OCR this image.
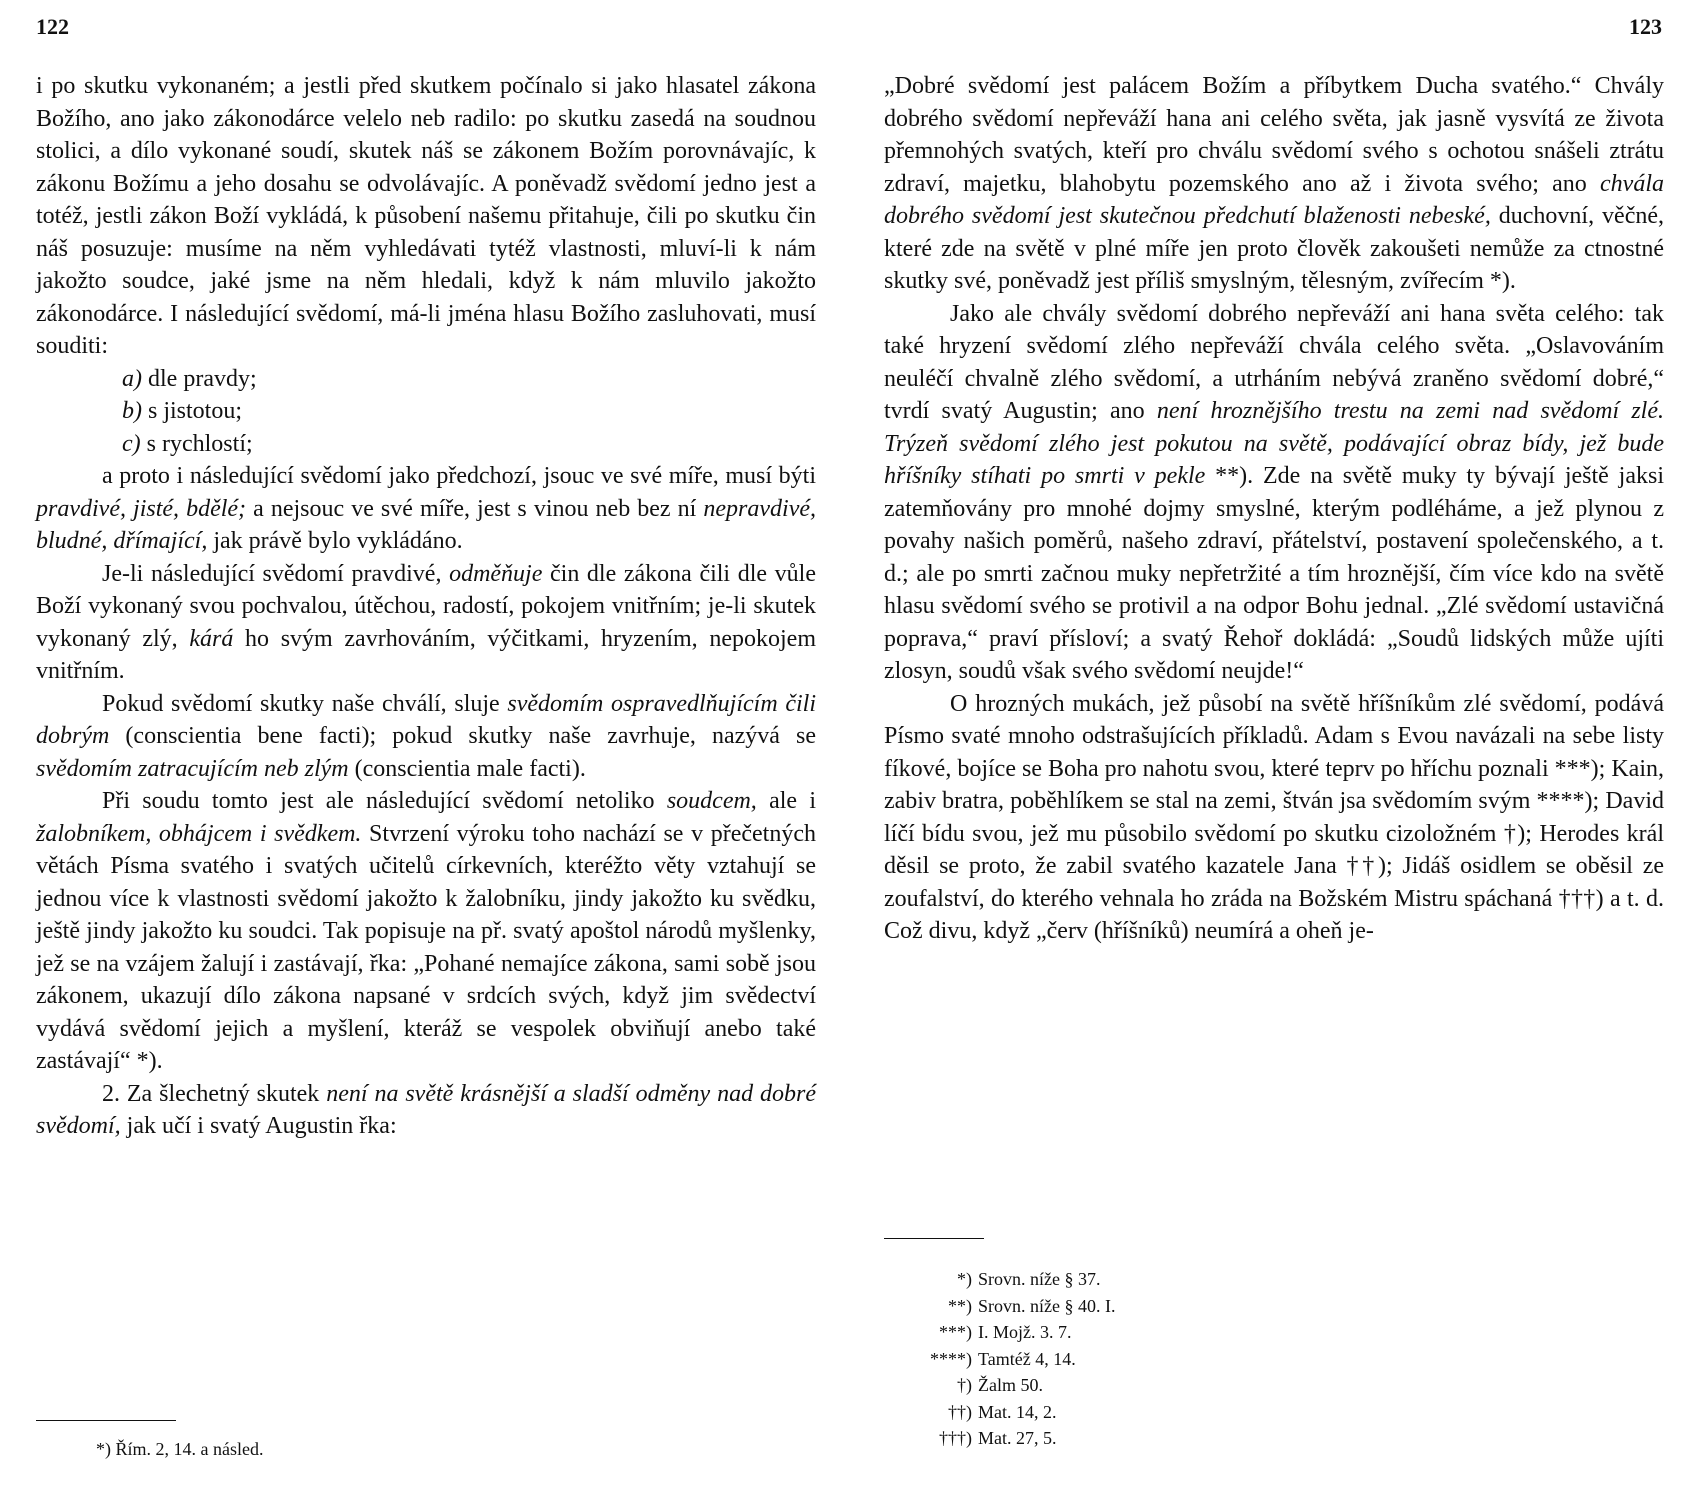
122	123

i po skutku vykonaném; a jestli před skutkem počínalo si jako hlasatel zákona Božího, ano jako zákonodárce velelo neb radilo: po skutku zasedá na soudnou stolici, a dílo vykonané soudí, skutek náš se zákonem Božím porovnávajíc, k zákonu Božímu a jeho dosahu se odvolávajíc. A poněvadž svědomí jedno jest a totéž, jestli zákon Boží vykládá, k působení našemu přitahuje, čili po skutku čin náš posuzuje: musíme na něm vyhledávati tytéž vlastnosti, mluví-li k nám jakožto soudce, jaké jsme na něm hledali, když k nám mluvilo jakožto zákonodárce. I následující svědomí, má-li jména hlasu Božího zasluhovati, musí souditi:

a) dle pravdy;

b) s jistotou;

c) s rychlostí;

a proto i následující svědomí jako předchozí, jsouc ve své míře, musí býti pravdivé, jisté, bdělé; a nejsouc ve své míře, jest s vinou neb bez ní nepravdivé, bludné, dřímající, jak právě bylo vykládáno.

Je-li následující svědomí pravdivé, odměňuje čin dle zákona čili dle vůle Boží vykonaný svou pochvalou, útěchou, radostí, pokojem vnitřním; je-li skutek vykonaný zlý, kárá ho svým zavrhováním, výčitkami, hryzením, nepokojem vnitřním.

Pokud svědomí skutky naše chválí, sluje svědomím ospravedlňujícím čili dobrým (conscientia bene facti); pokud skutky naše zavrhuje, nazývá se svědomím zatracujícím neb zlým (conscientia male facti).

Při soudu tomto jest ale následující svědomí netoliko soudcem, ale i žalobníkem, obhájcem i svědkem. Stvrzení výroku toho nachází se v přečetných větách Písma svatého i svatých učitelů církevních, kteréžto věty vztahují se jednou více k vlastnosti svědomí jakožto k žalobníku, jindy jakožto ku svědku, ještě jindy jakožto ku soudci. Tak popisuje na př. svatý apoštol národů myšlenky, jež se na vzájem žalují i zastávají, řka: „Pohané nemajíce zákona, sami sobě jsou zákonem, ukazují dílo zákona napsané v srdcích svých, když jim svědectví vydává svědomí jejich a myšlení, kteráž se vespolek obviňují anebo také zastávají“ *).

2. Za šlechetný skutek není na světě krásnější a sladší odměny nad dobré svědomí, jak učí i svatý Augustin řka:

*) Řím. 2, 14. a násled.

„Dobré svědomí jest palácem Božím a příbytkem Ducha svatého.“ Chvály dobrého svědomí nepřeváží hana ani celého světa, jak jasně vysvítá ze života přemnohých svatých, kteří pro chválu svědomí svého s ochotou snášeli ztrátu zdraví, majetku, blahobytu pozemského ano až i života svého; ano chvála dobrého svědomí jest skutečnou předchutí blaženosti nebeské, duchovní, věčné, které zde na světě v plné míře jen proto člověk zakoušeti nemůže za ctnostné skutky své, poněvadž jest příliš smyslným, tělesným, zvířecím *).

Jako ale chvály svědomí dobrého nepřeváží ani hana světa celého: tak také hryzení svědomí zlého nepřeváží chvála celého světa. „Oslavováním neuléčí chvalně zlého svědomí, a utrháním nebývá zraněno svědomí dobré,“ tvrdí svatý Augustin; ano není hroznějšího trestu na zemi nad svědomí zlé. Trýzeň svědomí zlého jest pokutou na světě, podávající obraz bídy, jež bude hříšníky stíhati po smrti v pekle **). Zde na světě muky ty bývají ještě jaksi zatemňovány pro mnohé dojmy smyslné, kterým podléháme, a jež plynou z povahy našich poměrů, našeho zdraví, přátelství, postavení společenského, a t. d.; ale po smrti začnou muky nepřetržité a tím hroznější, čím více kdo na světě hlasu svědomí svého se protivil a na odpor Bohu jednal. „Zlé svědomí ustavičná poprava,“ praví přísloví; a svatý Řehoř dokládá: „Soudů lidských může ujíti zlosyn, soudů však svého svědomí neujde!“

O hrozných mukách, jež působí na světě hříšníkům zlé svědomí, podává Písmo svaté mnoho odstrašujících příkladů. Adam s Evou navázali na sebe listy fíkové, bojíce se Boha pro nahotu svou, které teprv po hříchu poznali ***); Kain, zabiv bratra, poběhlíkem se stal na zemi, štván jsa svědomím svým ****); David líčí bídu svou, jež mu působilo svědomí po skutku cizoložném †); Herodes král děsil se proto, že zabil svatého kazatele Jana ††); Jidáš osidlem se oběsil ze zoufalství, do kterého vehnala ho zráda na Božském Mistru spáchaná †††) a t. d. Což divu, když „červ (hříšníků) neumírá a oheň je-

*) Srovn. níže § 37.
**) Srovn. níže § 40. I.
***) I. Mojž. 3. 7.
****) Tamtéž 4, 14.
†) Žalm 50.
††) Mat. 14, 2.
†††) Mat. 27, 5.
